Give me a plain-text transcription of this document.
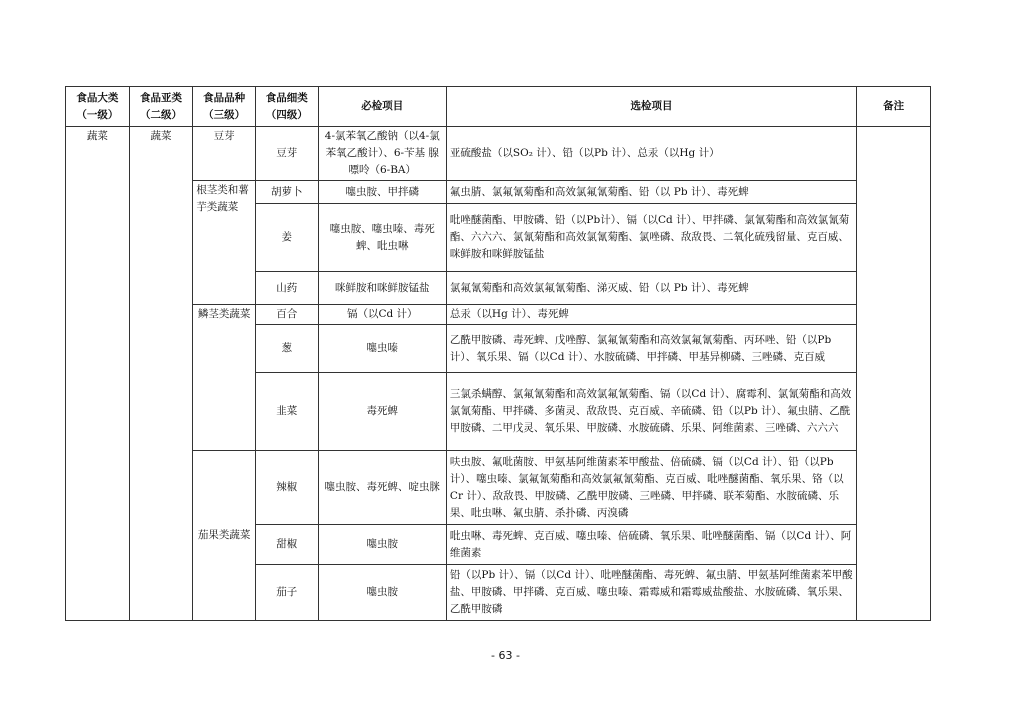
食品大类（一级）	食品亚类（二级）	食品品种（三级）	食品细类（四级）	必检项目	选检项目	备注
蔬菜	蔬菜	豆芽	豆芽	4-氯苯氧乙酸钠（以4-氯苯氧乙酸计）、6-苄基 腺嘌呤（6-BA）	亚硫酸盐（以SO₂ 计）、铅（以Pb 计）、总汞（以Hg 计）	
		根茎类和薯芋类蔬菜	胡萝卜	噻虫胺、甲拌磷	氟虫腈、氯氟氰菊酯和高效氯氟氰菊酯、铅（以 Pb 计）、毒死蜱	
			姜	噻虫胺、噻虫嗪、毒死蜱、吡虫啉	吡唑醚菌酯、甲胺磷、铅（以Pb计）、镉（以Cd 计）、甲拌磷、氯氰菊酯和高效氯氰菊酯、六六六、氯氰菊酯和高效氯氰菊酯、氯唑磷、敌敌畏、二氧化硫残留量、克百威、咪鲜胺和咪鲜胺锰盐	
			山药	咪鲜胺和咪鲜胺锰盐	氯氟氰菊酯和高效氯氟氰菊酯、涕灭威、铅（以 Pb 计）、毒死蜱	
		鳞茎类蔬菜	百合	镉（以Cd 计）	总汞（以Hg 计）、毒死蜱	
			葱	噻虫嗪	乙酰甲胺磷、毒死蜱、戊唑醇、氯氟氰菊酯和高效氯氟氰菊酯、丙环唑、铅（以Pb 计）、氧乐果、镉（以Cd 计）、水胺硫磷、甲拌磷、甲基异柳磷、三唑磷、克百威	
			韭菜	毒死蜱	三氯杀螨醇、氯氟氰菊酯和高效氯氟氰菊酯、镉（以Cd 计）、腐霉利、氯氰菊酯和高效氯氰菊酯、甲拌磷、多菌灵、敌敌畏、克百威、辛硫磷、铅（以Pb 计）、氟虫腈、乙酰甲胺磷、二甲戊灵、氧乐果、甲胺磷、水胺硫磷、乐果、阿维菌素、三唑磷、六六六	
		茄果类蔬菜	辣椒	噻虫胺、毒死蜱、啶虫脒	呋虫胺、氟吡菌胺、甲氨基阿维菌素苯甲酸盐、倍硫磷、镉（以Cd 计）、铅（以Pb计）、噻虫嗪、氯氟氰菊酯和高效氯氟氰菊酯、克百威、吡唑醚菌酯、氧乐果、铬（以Cr 计）、敌敌畏、甲胺磷、乙酰甲胺磷、三唑磷、甲拌磷、联苯菊酯、水胺硫磷、乐果、吡虫啉、氟虫腈、杀扑磷、丙溴磷	
			甜椒	噻虫胺	吡虫啉、毒死蜱、克百威、噻虫嗪、倍硫磷、氧乐果、吡唑醚菌酯、镉（以Cd 计）、阿维菌素	
			茄子	噻虫胺	铅（以Pb 计）、镉（以Cd 计）、吡唑醚菌酯、毒死蜱、氟虫腈、甲氨基阿维菌素苯甲酸盐、甲胺磷、甲拌磷、克百威、噻虫嗪、霜霉威和霜霉威盐酸盐、水胺硫磷、氧乐果、乙酰甲胺磷	
- 63 -
